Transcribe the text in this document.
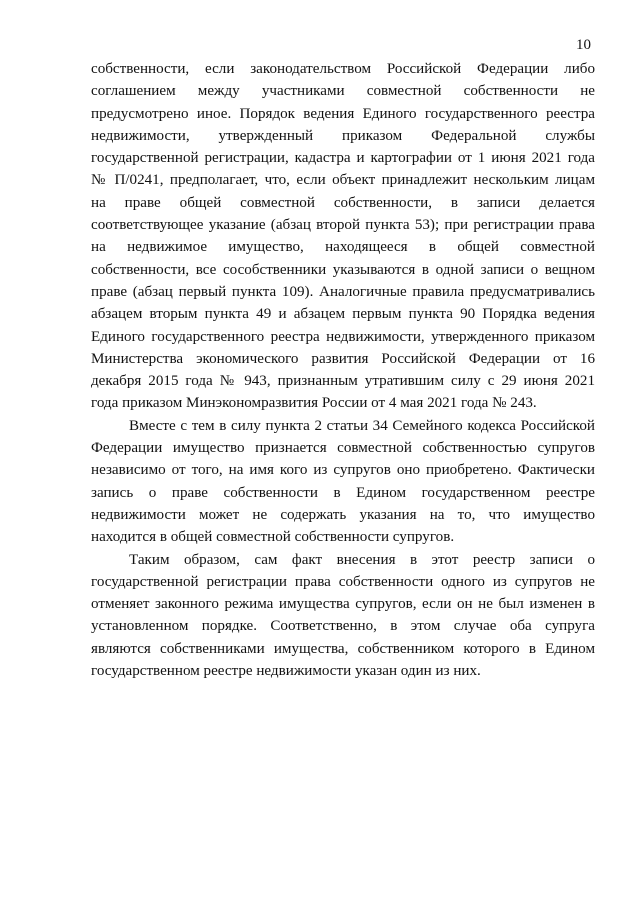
10
собственности, если законодательством Российской Федерации либо
соглашением между участниками совместной собственности не
предусмотрено иное. Порядок ведения Единого государственного реестра
недвижимости, утвержденный приказом Федеральной службы
государственной регистрации, кадастра и картографии от 1 июня 2021 года
№ П/0241, предполагает, что, если объект принадлежит нескольким лицам
на праве общей совместной собственности, в записи делается
соответствующее указание (абзац второй пункта 53); при регистрации права
на недвижимое имущество, находящееся в общей совместной
собственности, все сособственники указываются в одной записи о вещном
праве (абзац первый пункта 109). Аналогичные правила предусматривались
абзацем вторым пункта 49 и абзацем первым пункта 90 Порядка ведения
Единого государственного реестра недвижимости, утвержденного приказом
Министерства экономического развития Российской Федерации от 16
декабря 2015 года № 943, признанным утратившим силу с 29 июня 2021
года приказом Минэкономразвития России от 4 мая 2021 года № 243.
Вместе с тем в силу пункта 2 статьи 34 Семейного кодекса Российской
Федерации имущество признается совместной собственностью супругов
независимо от того, на имя кого из супругов оно приобретено. Фактически
запись о праве собственности в Едином государственном реестре
недвижимости может не содержать указания на то, что имущество
находится в общей совместной собственности супругов.
Таким образом, сам факт внесения в этот реестр записи о
государственной регистрации права собственности одного из супругов не
отменяет законного режима имущества супругов, если он не был изменен в
установленном порядке. Соответственно, в этом случае оба супруга
являются собственниками имущества, собственником которого в Едином
государственном реестре недвижимости указан один из них.
